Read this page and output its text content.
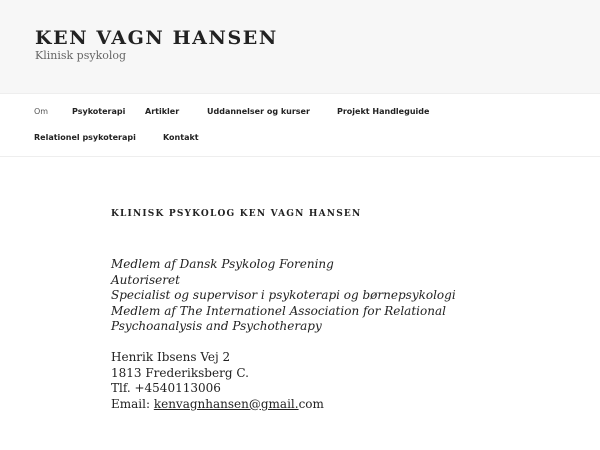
KEN VAGN HANSEN
Klinisk psykolog
Om	Psykoterapi Artikler	Uddannelser og kurser	Projekt Handleguide
Relationel psykoterapi	Kontakt
KLINISK PSYKOLOG KEN VAGN HANSEN
Medlem af Dansk Psykolog Forening
Autoriseret
Specialist og supervisor i psykoterapi og børnepsykologi
Medlem af The Internationel Association for Relational
Psychoanalysis and Psychotherapy
Henrik Ibsens Vej 2
1813 Frederiksberg C.
Tlf. +4540113006
Email: kenvagnhansen@gmail.com
